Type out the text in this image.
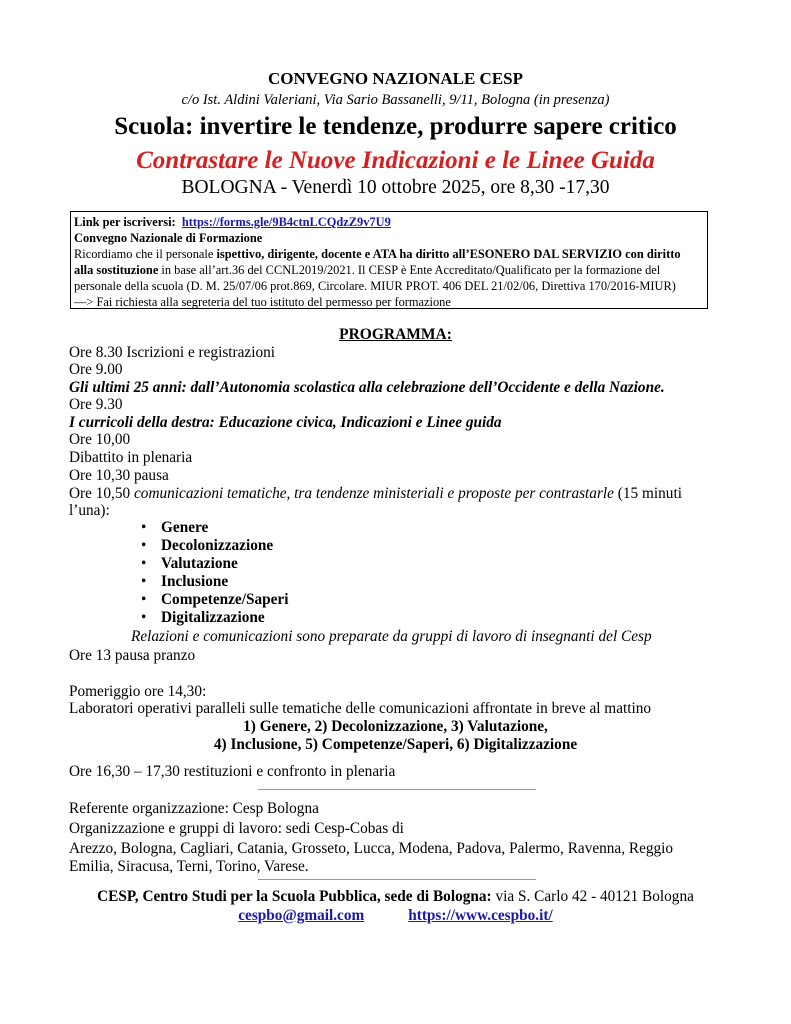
CONVEGNO NAZIONALE CESP
c/o Ist. Aldini Valeriani, Via Sario Bassanelli, 9/11, Bologna (in presenza)
Scuola: invertire le tendenze, produrre sapere critico
Contrastare le Nuove Indicazioni e le Linee Guida
BOLOGNA - Venerdì 10 ottobre 2025, ore 8,30 -17,30
Link per iscriversi: https://forms.gle/9B4ctnLCQdzZ9v7U9
Convegno Nazionale di Formazione
Ricordiamo che il personale ispettivo, dirigente, docente e ATA ha diritto all’ESONERO DAL SERVIZIO con diritto
alla sostituzione in base all’art.36 del CCNL2019/2021. Il CESP è Ente Accreditato/Qualificato per la formazione del
personale della scuola (D. M. 25/07/06 prot.869, Circolare. MIUR PROT. 406 DEL 21/02/06, Direttiva 170/2016-MIUR)
—> Fai richiesta alla segreteria del tuo istituto del permesso per formazione
PROGRAMMA:
Ore 8.30 Iscrizioni e registrazioni
Ore 9.00
Gli ultimi 25 anni: dall’Autonomia scolastica alla celebrazione dell’Occidente e della Nazione.
Ore 9.30
I curricoli della destra: Educazione civica, Indicazioni e Linee guida
Ore 10,00
Dibattito in plenaria
Ore 10,30 pausa
Ore 10,50 comunicazioni tematiche, tra tendenze ministeriali e proposte per contrastarle (15 minuti
l’una):
• Genere
• Decolonizzazione
• Valutazione
• Inclusione
• Competenze/Saperi
• Digitalizzazione
Relazioni e comunicazioni sono preparate da gruppi di lavoro di insegnanti del Cesp
Ore 13 pausa pranzo
Pomeriggio ore 14,30:
Laboratori operativi paralleli sulle tematiche delle comunicazioni affrontate in breve al mattino
1) Genere, 2) Decolonizzazione, 3) Valutazione,
4) Inclusione, 5) Competenze/Saperi, 6) Digitalizzazione
Ore 16,30 – 17,30 restituzioni e confronto in plenaria
Referente organizzazione: Cesp Bologna
Organizzazione e gruppi di lavoro: sedi Cesp-Cobas di
Arezzo, Bologna, Cagliari, Catania, Grosseto, Lucca, Modena, Padova, Palermo, Ravenna, Reggio
Emilia, Siracusa, Terni, Torino, Varese.
CESP, Centro Studi per la Scuola Pubblica, sede di Bologna: via S. Carlo 42 - 40121 Bologna
cespbo@gmail.com	https://www.cespbo.it/
